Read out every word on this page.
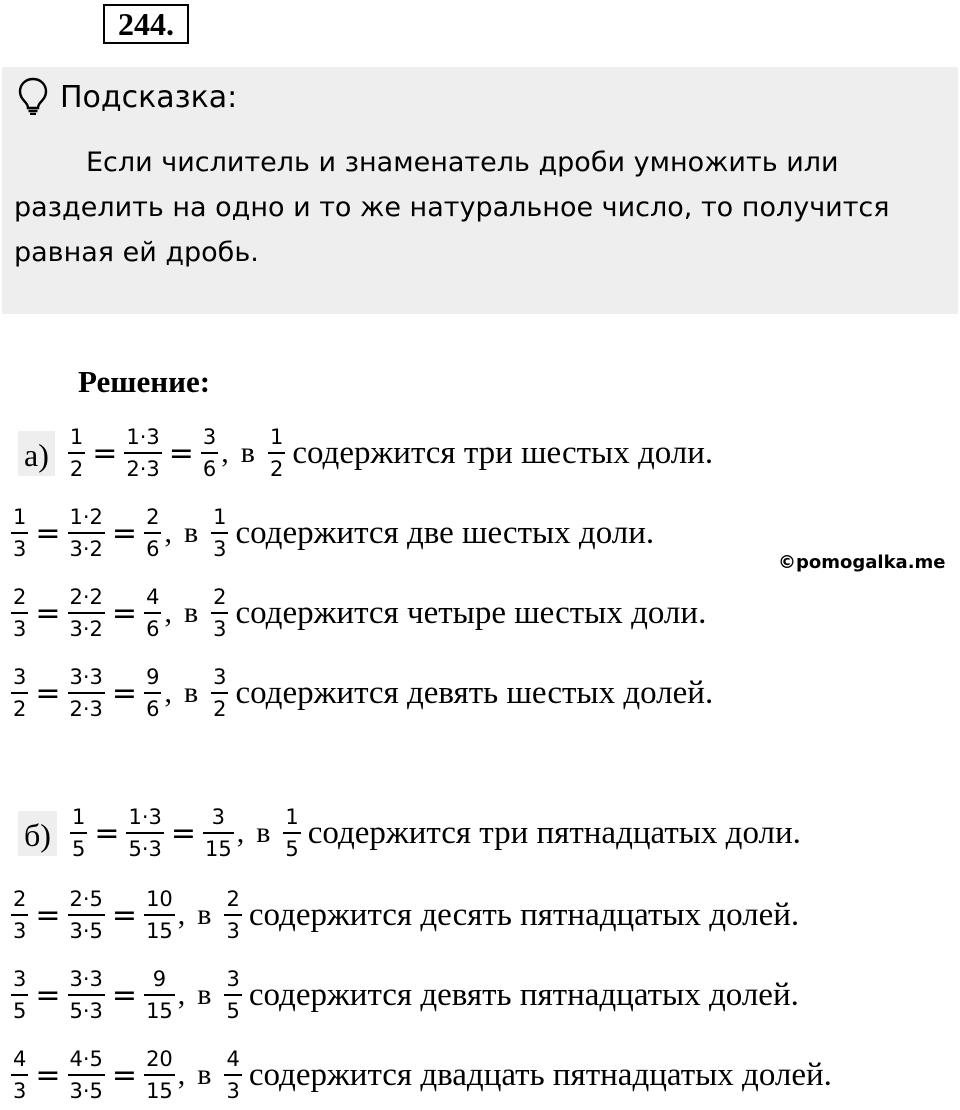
244.
Подсказка:

Если числитель и знаменатель дроби умножить или разделить на одно и то же натуральное число, то получится равная ей дробь.

Решение:
©pomogalka.me
$а) \frac{1}{2} = \frac{1\cdot 3}{2\cdot 3} = \frac{3}{6}$ , в $\frac{1}{2}$ содержится три шестых доли.
$\frac{1}{3} = \frac{1\cdot 2}{3\cdot 2} = \frac{2}{6}$ , в $\frac{1}{3}$ содержится две шестых доли.
$\frac{2}{3} = \frac{2\cdot 2}{3\cdot 2} = \frac{4}{6}$ , в $\frac{2}{3}$ содержится четыре шестых доли.
$\frac{3}{2} = \frac{3\cdot 3}{2\cdot 3} = \frac{9}{6}$ , в $\frac{3}{2}$ содержится девять шестых долей.
$б) \frac{1}{5} = \frac{1\cdot 3}{5\cdot 3} = \frac{3}{15}$ , в $\frac{1}{5}$ содержится три пятнадцатых доли.
$\frac{2}{3} = \frac{2\cdot 5}{3\cdot 5} = \frac{10}{15}$ , в $\frac{2}{3}$ содержится десять пятнадцатых долей.
$\frac{3}{5} = \frac{3\cdot 3}{5\cdot 3} = \frac{9}{15}$ , в $\frac{3}{5}$ содержится девять пятнадцатых долей.
$\frac{4}{3} = \frac{4\cdot 5}{3\cdot 5} = \frac{20}{15}$ , в $\frac{4}{3}$ содержится двадцать пятнадцатых долей.
